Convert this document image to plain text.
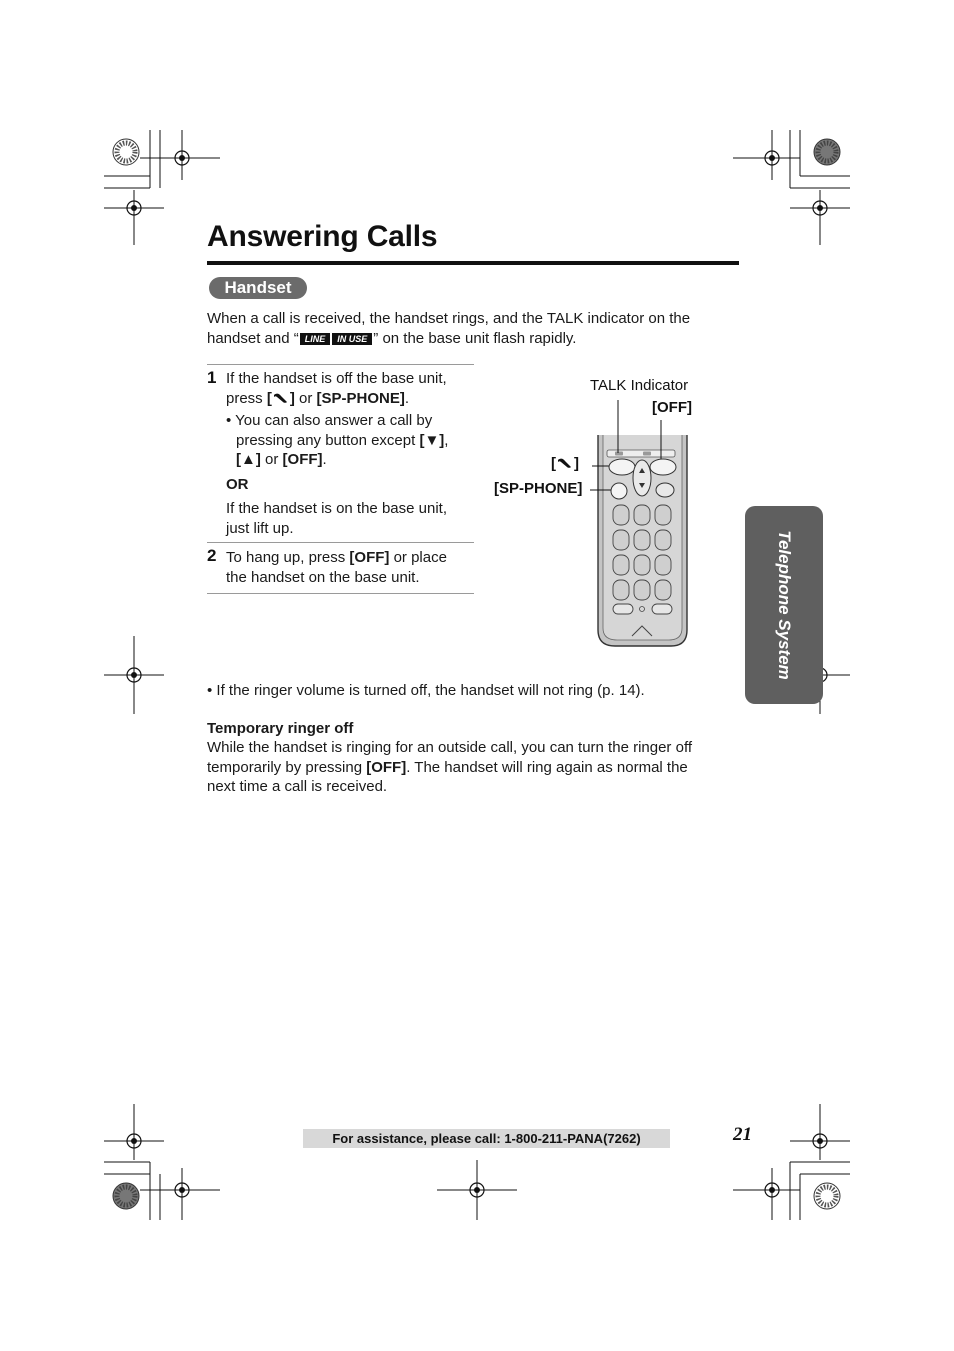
Answering Calls
Handset
When a call is received, the handset rings, and the TALK indicator on the handset and “ LINE IN USE ” on the base unit flash rapidly.
1 If the handset is off the base unit,
press [ ] or [SP-PHONE].
• You can also answer a call by
pressing any button except [▼],
[▲] or [OFF].
OR
If the handset is on the base unit,
just lift up.
2 To hang up, press [OFF] or place
the handset on the base unit.
TALK Indicator
[OFF]
[ ]
[SP-PHONE]
• If the ringer volume is turned off, the handset will not ring (p. 14).
Temporary ringer off
While the handset is ringing for an outside call, you can turn the ringer off
temporarily by pressing [OFF]. The handset will ring again as normal the
next time a call is received.
Telephone System
For assistance, please call: 1-800-211-PANA(7262)	21
